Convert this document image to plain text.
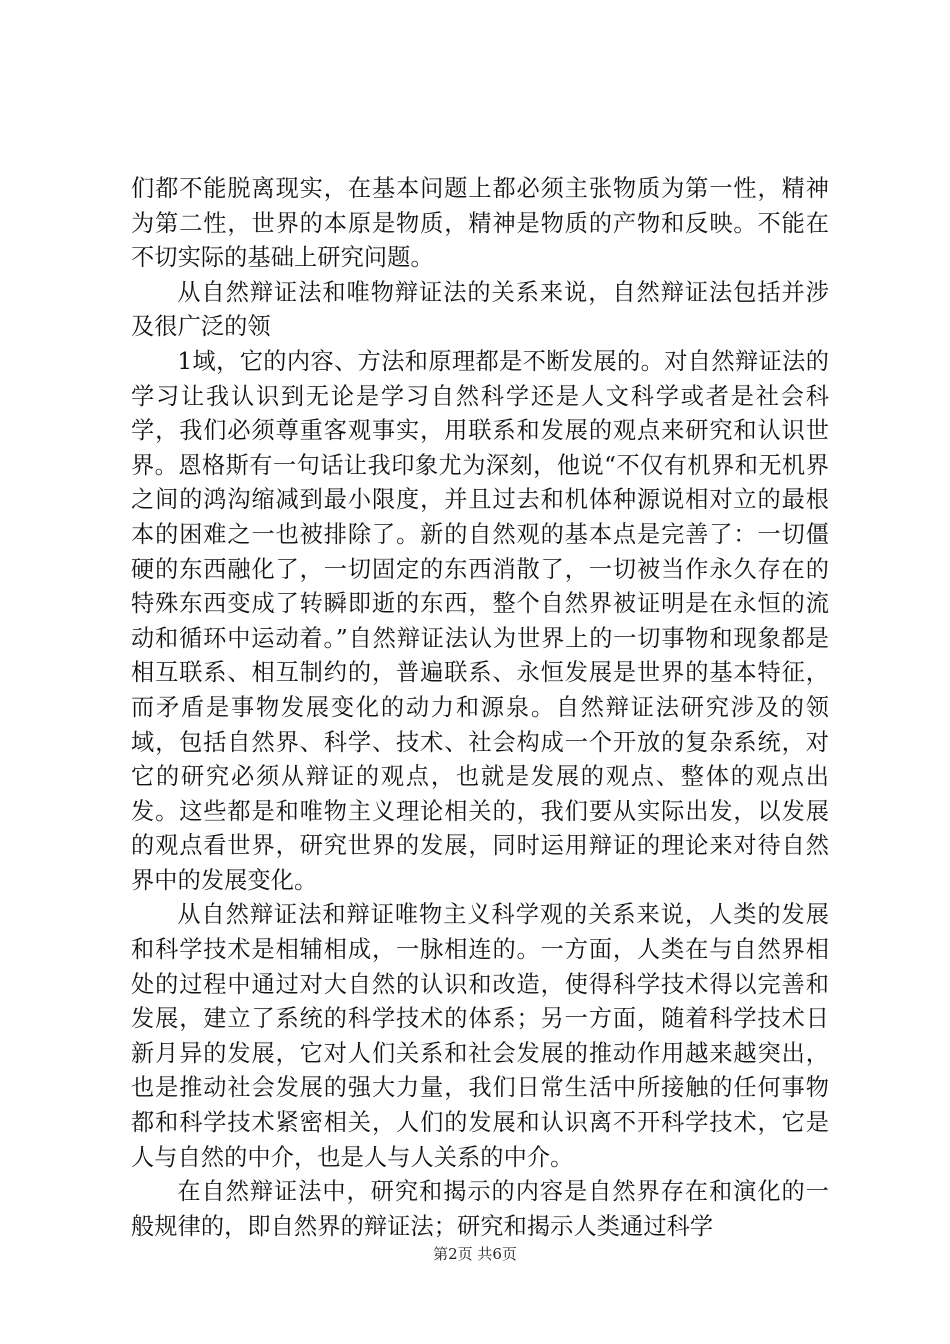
们都不能脱离现实，在基本问题上都必须主张物质为第一性，精神为第二性，世界的本原是物质，精神是物质的产物和反映。不能在不切实际的基础上研究问题。

从自然辩证法和唯物辩证法的关系来说，自然辩证法包括并涉及很广泛的领

1域，它的内容、方法和原理都是不断发展的。对自然辩证法的学习让我认识到无论是学习自然科学还是人文科学或者是社会科学，我们必须尊重客观事实，用联系和发展的观点来研究和认识世界。恩格斯有一句话让我印象尤为深刻，他说“不仅有机界和无机界之间的鸿沟缩减到最小限度，并且过去和机体种源说相对立的最根本的困难之一也被排除了。新的自然观的基本点是完善了：一切僵硬的东西融化了，一切固定的东西消散了，一切被当作永久存在的特殊东西变成了转瞬即逝的东西，整个自然界被证明是在永恒的流动和循环中运动着。”自然辩证法认为世界上的一切事物和现象都是相互联系、相互制约的，普遍联系、永恒发展是世界的基本特征，而矛盾是事物发展变化的动力和源泉。自然辩证法研究涉及的领域，包括自然界、科学、技术、社会构成一个开放的复杂系统，对它的研究必须从辩证的观点，也就是发展的观点、整体的观点出发。这些都是和唯物主义理论相关的，我们要从实际出发，以发展的观点看世界，研究世界的发展，同时运用辩证的理论来对待自然界中的发展变化。

从自然辩证法和辩证唯物主义科学观的关系来说，人类的发展和科学技术是相辅相成，一脉相连的。一方面，人类在与自然界相处的过程中通过对大自然的认识和改造，使得科学技术得以完善和发展，建立了系统的科学技术的体系；另一方面，随着科学技术日新月异的发展，它对人们关系和社会发展的推动作用越来越突出，也是推动社会发展的强大力量，我们日常生活中所接触的任何事物都和科学技术紧密相关，人们的发展和认识离不开科学技术，它是人与自然的中介，也是人与人关系的中介。

在自然辩证法中，研究和揭示的内容是自然界存在和演化的一般规律的，即自然界的辩证法；研究和揭示人类通过科学

第2页 共6页
